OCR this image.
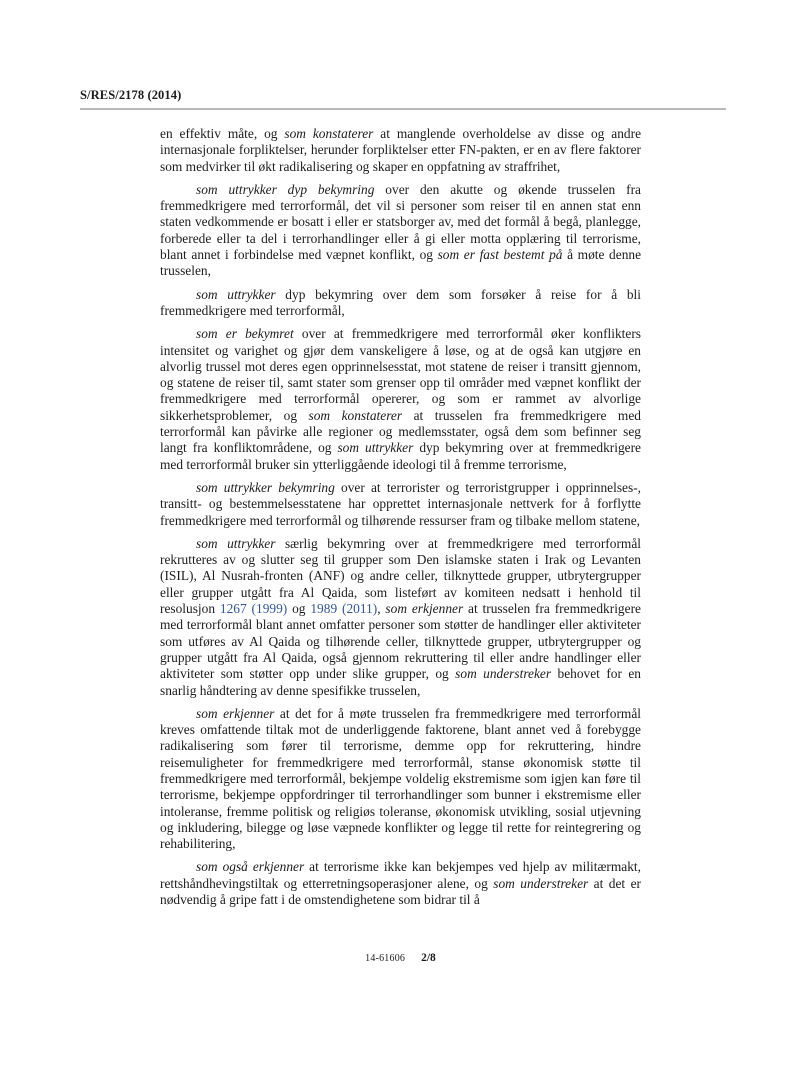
S/RES/2178 (2014)

en effektiv måte, og som konstaterer at manglende overholdelse av disse og andre internasjonale forpliktelser, herunder forpliktelser etter FN-pakten, er en av flere faktorer som medvirker til økt radikalisering og skaper en oppfatning av straffrihet,

som uttrykker dyp bekymring over den akutte og økende trusselen fra fremmedkrigere med terrorformål, det vil si personer som reiser til en annen stat enn staten vedkommende er bosatt i eller er statsborger av, med det formål å begå, planlegge, forberede eller ta del i terrorhandlinger eller å gi eller motta opplæring til terrorisme, blant annet i forbindelse med væpnet konflikt, og som er fast bestemt på å møte denne trusselen,

som uttrykker dyp bekymring over dem som forsøker å reise for å bli fremmedkrigere med terrorformål,

som er bekymret over at fremmedkrigere med terrorformål øker konflikters intensitet og varighet og gjør dem vanskeligere å løse, og at de også kan utgjøre en alvorlig trussel mot deres egen opprinnelsesstat, mot statene de reiser i transitt gjennom, og statene de reiser til, samt stater som grenser opp til områder med væpnet konflikt der fremmedkrigere med terrorformål opererer, og som er rammet av alvorlige sikkerhetsproblemer, og som konstaterer at trusselen fra fremmedkrigere med terrorformål kan påvirke alle regioner og medlemsstater, også dem som befinner seg langt fra konfliktområdene, og som uttrykker dyp bekymring over at fremmedkrigere med terrorformål bruker sin ytterliggående ideologi til å fremme terrorisme,

som uttrykker bekymring over at terrorister og terroristgrupper i opprinnelses-, transitt- og bestemmelsesstatene har opprettet internasjonale nettverk for å forflytte fremmedkrigere med terrorformål og tilhørende ressurser fram og tilbake mellom statene,

som uttrykker særlig bekymring over at fremmedkrigere med terrorformål rekrutteres av og slutter seg til grupper som Den islamske staten i Irak og Levanten (ISIL), Al Nusrah-fronten (ANF) og andre celler, tilknyttede grupper, utbrytergrupper eller grupper utgått fra Al Qaida, som listeført av komiteen nedsatt i henhold til resolusjon 1267 (1999) og 1989 (2011), som erkjenner at trusselen fra fremmedkrigere med terrorformål blant annet omfatter personer som støtter de handlinger eller aktiviteter som utføres av Al Qaida og tilhørende celler, tilknyttede grupper, utbrytergrupper og grupper utgått fra Al Qaida, også gjennom rekruttering til eller andre handlinger eller aktiviteter som støtter opp under slike grupper, og som understreker behovet for en snarlig håndtering av denne spesifikke trusselen,

som erkjenner at det for å møte trusselen fra fremmedkrigere med terrorformål kreves omfattende tiltak mot de underliggende faktorene, blant annet ved å forebygge radikalisering som fører til terrorisme, demme opp for rekruttering, hindre reisemuligheter for fremmedkrigere med terrorformål, stanse økonomisk støtte til fremmedkrigere med terrorformål, bekjempe voldelig ekstremisme som igjen kan føre til terrorisme, bekjempe oppfordringer til terrorhandlinger som bunner i ekstremisme eller intoleranse, fremme politisk og religiøs toleranse, økonomisk utvikling, sosial utjevning og inkludering, bilegge og løse væpnede konflikter og legge til rette for reintegrering og rehabilitering,

som også erkjenner at terrorisme ikke kan bekjempes ved hjelp av militærmakt, rettshåndhevingstiltak og etterretningsoperasjoner alene, og som understreker at det er nødvendig å gripe fatt i de omstendighetene som bidrar til å

14-61606 2/8
